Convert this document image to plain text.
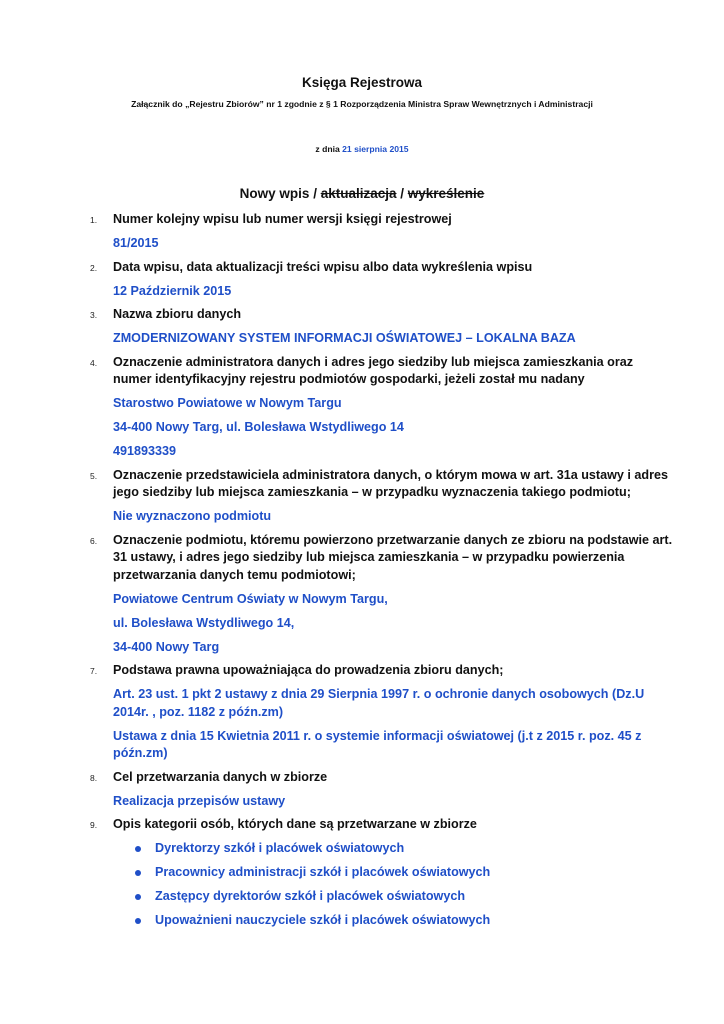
Księga Rejestrowa
Załącznik do „Rejestru Zbiorów” nr 1 zgodnie z § 1 Rozporządzenia Ministra Spraw Wewnętrznych i Administracji
z dnia 21 sierpnia 2015
Nowy wpis / aktualizacja / wykreślenie
1. Numer kolejny wpisu lub numer wersji księgi rejestrowej

81/2015

2. Data wpisu, data aktualizacji treści wpisu albo data wykreślenia wpisu

12 Październik 2015

3. Nazwa zbioru danych

ZMODERNIZOWANY SYSTEM INFORMACJI OŚWIATOWEJ – LOKALNA BAZA

4. Oznaczenie administratora danych i adres jego siedziby lub miejsca zamieszkania oraz numer identyfikacyjny rejestru podmiotów gospodarki, jeżeli został mu nadany

Starostwo Powiatowe w Nowym Targu

34-400 Nowy Targ, ul. Bolesława Wstydliwego 14

491893339

5. Oznaczenie przedstawiciela administratora danych, o którym mowa w art. 31a ustawy i adres jego siedziby lub miejsca zamieszkania – w przypadku wyznaczenia takiego podmiotu;

Nie wyznaczono podmiotu

6. Oznaczenie podmiotu, któremu powierzono przetwarzanie danych ze zbioru na podstawie art. 31 ustawy, i adres jego siedziby lub miejsca zamieszkania – w przypadku powierzenia przetwarzania danych temu podmiotowi;

Powiatowe Centrum Oświaty w Nowym Targu,

ul. Bolesława Wstydliwego 14,

34-400 Nowy Targ

7. Podstawa prawna upoważniająca do prowadzenia zbioru danych;

Art. 23 ust. 1 pkt 2 ustawy z dnia 29 Sierpnia 1997 r. o ochronie danych osobowych (Dz.U 2014r. , poz. 1182 z późn.zm)

Ustawa z dnia 15 Kwietnia 2011 r. o systemie informacji oświatowej (j.t z 2015 r. poz. 45 z późn.zm)

8. Cel przetwarzania danych w zbiorze

Realizacja przepisów ustawy

9. Opis kategorii osób, których dane są przetwarzane w zbiorze

Dyrektorzy szkół i placówek oświatowych
Pracownicy administracji szkół i placówek oświatowych
Zastępcy dyrektorów szkół i placówek oświatowych
Upoważnieni nauczyciele szkół i placówek oświatowych
